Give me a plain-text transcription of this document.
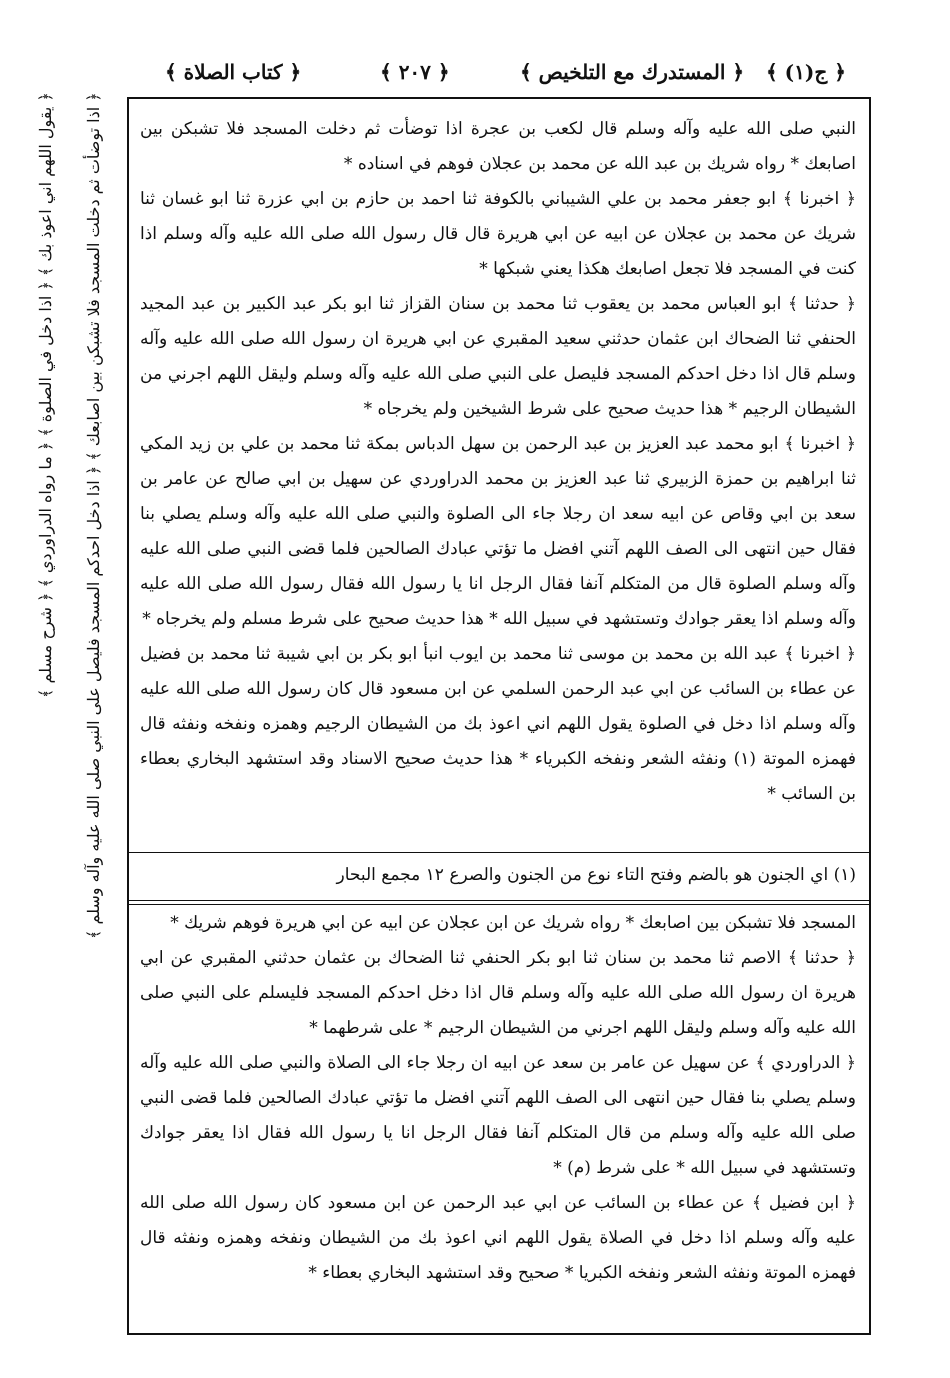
﴿ ج(١) ﴾
﴿ المستدرك مع التلخيص ﴾
﴿ ٢٠٧ ﴾
﴿ كتاب الصلاة ﴾

النبي صلى الله عليه وآله وسلم قال لكعب بن عجرة اذا توضأت ثم دخلت المسجد فلا تشبكن بين اصابعك * رواه شريك بن عبد الله عن محمد بن عجلان فوهم في اسناده *

﴿ اخبرنا ﴾ ابو جعفر محمد بن علي الشيباني بالكوفة ثنا احمد بن حازم بن ابي عزرة ثنا ابو غسان ثنا شريك عن محمد بن عجلان عن ابيه عن ابي هريرة قال قال رسول الله صلى الله عليه وآله وسلم اذا كنت في المسجد فلا تجعل اصابعك هكذا يعني شبكها *

﴿ حدثنا ﴾ ابو العباس محمد بن يعقوب ثنا محمد بن سنان القزاز ثنا ابو بكر عبد الكبير بن عبد المجيد الحنفي ثنا الضحاك ابن عثمان حدثني سعيد المقبري عن ابي هريرة ان رسول الله صلى الله عليه وآله وسلم قال اذا دخل احدكم المسجد فليصل على النبي صلى الله عليه وآله وسلم وليقل اللهم اجرني من الشيطان الرجيم * هذا حديث صحيح على شرط الشيخين ولم يخرجاه *

﴿ اخبرنا ﴾ ابو محمد عبد العزيز بن عبد الرحمن بن سهل الدباس بمكة ثنا محمد بن علي بن زيد المكي ثنا ابراهيم بن حمزة الزبيري ثنا عبد العزيز بن محمد الدراوردي عن سهيل بن ابي صالح عن عامر بن سعد بن ابي وقاص عن ابيه سعد ان رجلا جاء الى الصلوة والنبي صلى الله عليه وآله وسلم يصلي بنا فقال حين انتهى الى الصف اللهم آتني افضل ما تؤتي عبادك الصالحين فلما قضى النبي صلى الله عليه وآله وسلم الصلوة قال من المتكلم آنفا فقال الرجل انا يا رسول الله فقال رسول الله صلى الله عليه وآله وسلم اذا يعقر جوادك وتستشهد في سبيل الله * هذا حديث صحيح على شرط مسلم ولم يخرجاه *

﴿ اخبرنا ﴾ عبد الله بن محمد بن موسى ثنا محمد بن ايوب انبأ ابو بكر بن ابي شيبة ثنا محمد بن فضيل عن عطاء بن السائب عن ابي عبد الرحمن السلمي عن ابن مسعود قال كان رسول الله صلى الله عليه وآله وسلم اذا دخل في الصلوة يقول اللهم اني اعوذ بك من الشيطان الرجيم وهمزه ونفخه ونفثه قال فهمزه الموتة (١) ونفثه الشعر ونفخه الكبرياء * هذا حديث صحيح الاسناد وقد استشهد البخاري بعطاء بن السائب *

(١) اي الجنون هو بالضم وفتح التاء نوع من الجنون والصرع ١٢ مجمع البحار

المسجد فلا تشبكن بين اصابعك * رواه شريك عن ابن عجلان عن ابيه عن ابي هريرة فوهم شريك *

﴿ حدثنا ﴾ الاصم ثنا محمد بن سنان ثنا ابو بكر الحنفي ثنا الضحاك بن عثمان حدثني المقبري عن ابي هريرة ان رسول الله صلى الله عليه وآله وسلم قال اذا دخل احدكم المسجد فليسلم على النبي صلى الله عليه وآله وسلم وليقل اللهم اجرني من الشيطان الرجيم * على شرطهما *

﴿ الدراوردي ﴾ عن سهيل عن عامر بن سعد عن ابيه ان رجلا جاء الى الصلاة والنبي صلى الله عليه وآله وسلم يصلي بنا فقال حين انتهى الى الصف اللهم آتني افضل ما تؤتي عبادك الصالحين فلما قضى النبي صلى الله عليه وآله وسلم من قال المتكلم آنفا فقال الرجل انا يا رسول الله فقال اذا يعقر جوادك وتستشهد في سبيل الله * على شرط (م) *

﴿ ابن فضيل ﴾ عن عطاء بن السائب عن ابي عبد الرحمن عن ابن مسعود كان رسول الله صلى الله عليه وآله وسلم اذا دخل في الصلاة يقول اللهم اني اعوذ بك من الشيطان ونفخه وهمزه ونفثه قال فهمزه الموتة ونفثه الشعر ونفخه الكبريا * صحيح وقد استشهد البخاري بعطاء *

﴿ اذا توضأت ثم دخلت المسجد فلا تشبكن بين اصابعك ﴾ ﴿ اذا دخل احدكم المسجد فليصل على النبي صلى الله عليه وآله وسلم ﴾
﴿ يقول اللهم اني اعوذ بك ﴾ ﴿ اذا دخل في الصلوة ﴾ ﴿ ما رواه الدراوردي ﴾ ﴿ شرح مسلم ﴾
